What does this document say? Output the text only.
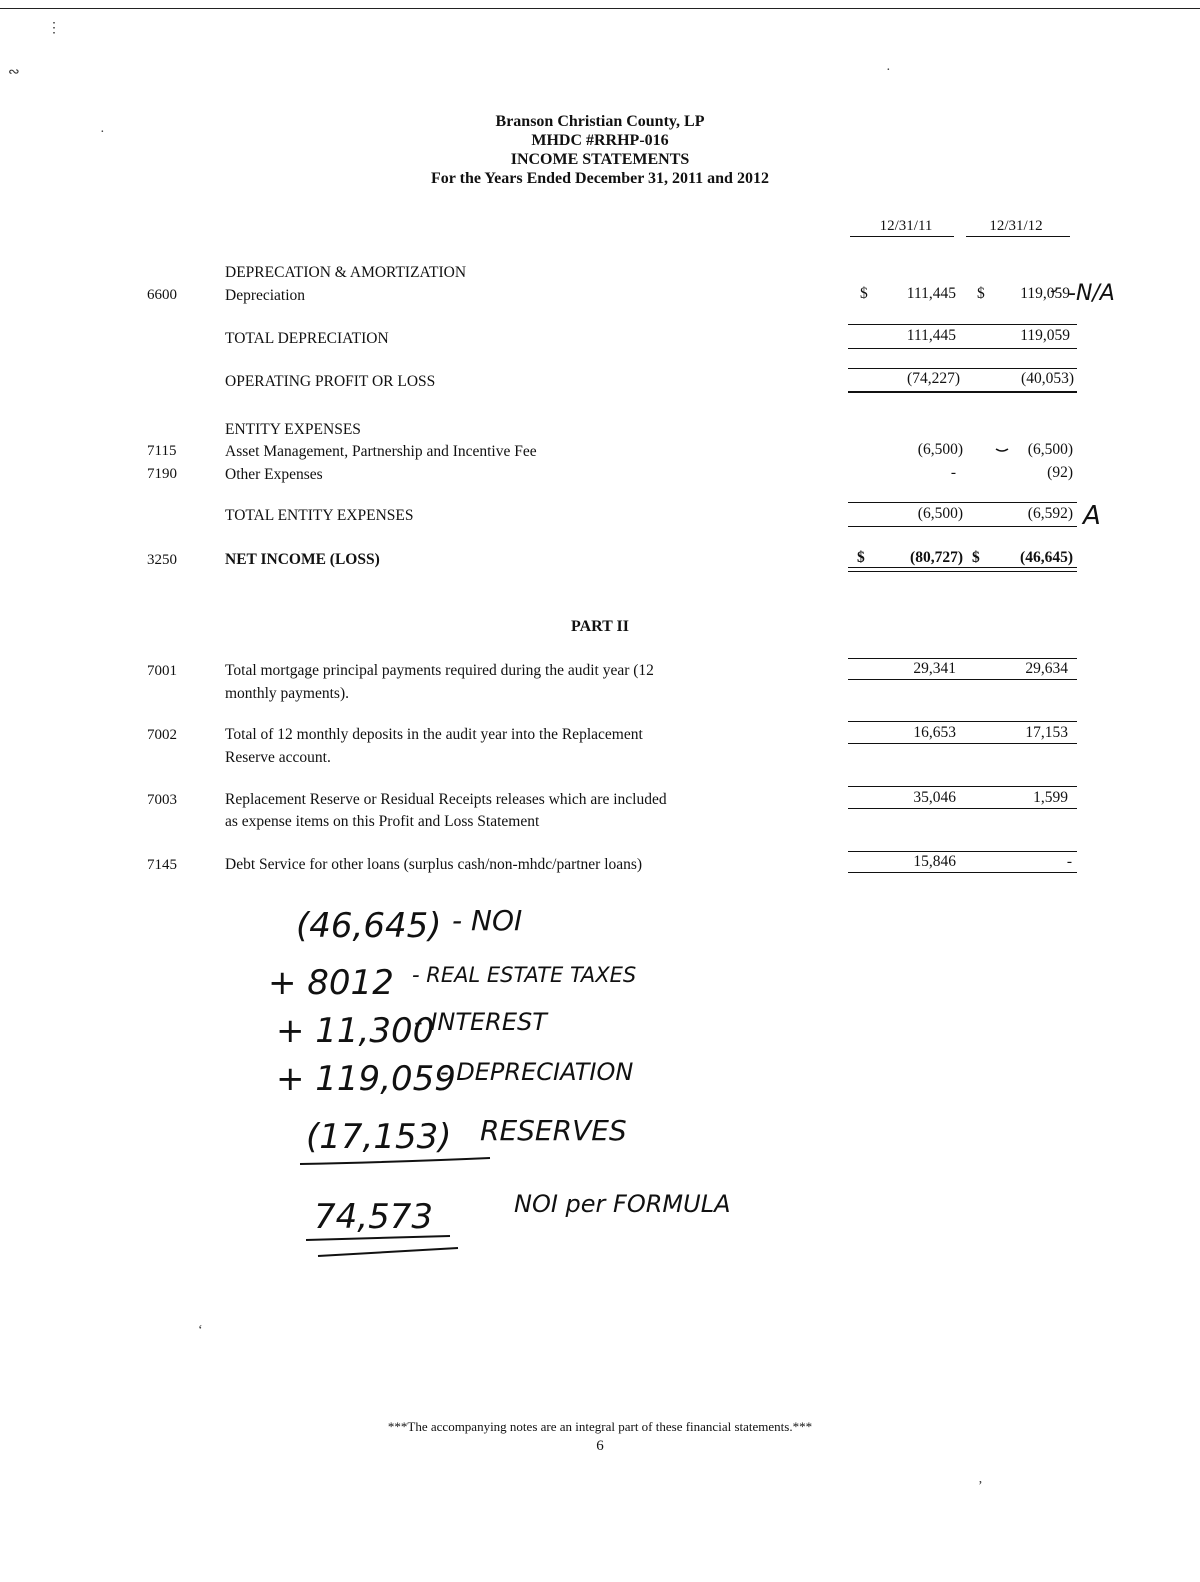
⋮
∾	·
·
Branson Christian County, LP
MHDC #RRHP-016
INCOME STATEMENTS
For the Years Ended December 31, 2011 and 2012
12/31/11	12/31/12
DEPRECATION & AMORTIZATION
6600	Depreciation	$	111,445 $	119,059
TOTAL DEPRECIATION	111,445	119,059
OPERATING PROFIT OR LOSS	(74,227)	(40,053)
ENTITY EXPENSES
7115	Asset Management, Partnership and Incentive Fee	(6,500)	(6,500)
7190	Other Expenses	-	(92)
TOTAL ENTITY EXPENSES	(6,500)	(6,592)
3250	NET INCOME (LOSS)	$	(80,727) $	(46,645)
PART II
7001	Total mortgage principal payments required during the audit year (12
monthly payments).
29,341	29,634
7002	Total of 12 monthly deposits in the audit year into the Replacement
Reserve account.
16,653	17,153
7003	Replacement Reserve or Residual Receipts releases which are included
as expense items on this Profit and Loss Statement
35,046	1,599
7145	Debt Service for other loans (surplus cash/non-mhdc/partner loans)	15,846	-
-N/A
A
(46,645) - NOI
+ 8012 - REAL ESTATE TAXES
+ 11,300
- INTEREST
+ 119,059
- DEPRECIATION
(17,153) RESERVES
74,573	NOI per FORMULA
‘
’
***The accompanying notes are an integral part of these financial statements.***
6
